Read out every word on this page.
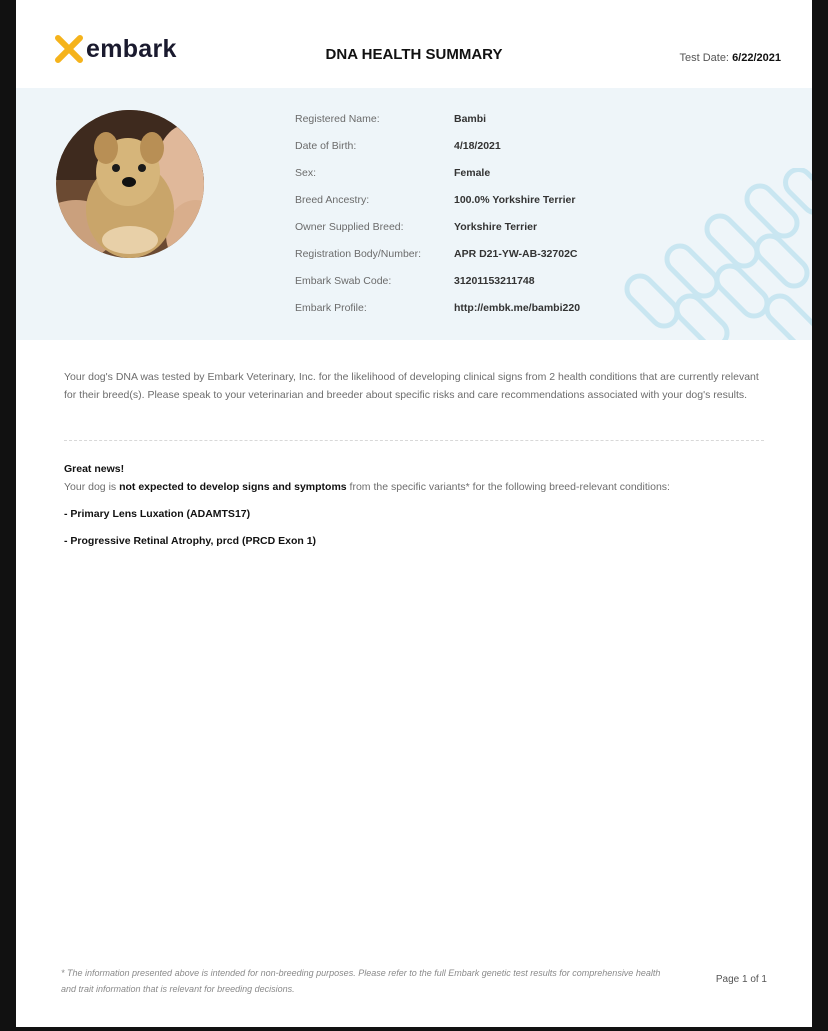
embark	DNA HEALTH SUMMARY	Test Date: 6/22/2021
Registered Name:	Bambi
Date of Birth:	4/18/2021
Sex:	Female
Breed Ancestry:	100.0% Yorkshire Terrier
Owner Supplied Breed:	Yorkshire Terrier
Registration Body/Number:	APR D21-YW-AB-32702C
Embark Swab Code:	31201153211748
Embark Profile:	http://embk.me/bambi220
Your dog's DNA was tested by Embark Veterinary, Inc. for the likelihood of developing clinical signs from 2 health conditions that are currently relevant for their breed(s). Please speak to your veterinarian and breeder about specific risks and care recommendations associated with your dog's results.
Great news!
Your dog is not expected to develop signs and symptoms from the specific variants* for the following breed-relevant conditions:
- Primary Lens Luxation (ADAMTS17)
- Progressive Retinal Atrophy, prcd (PRCD Exon 1)
* The information presented above is intended for non-breeding purposes. Please refer to the full Embark genetic test results for comprehensive health and trait information that is relevant for breeding decisions.
Page 1 of 1
